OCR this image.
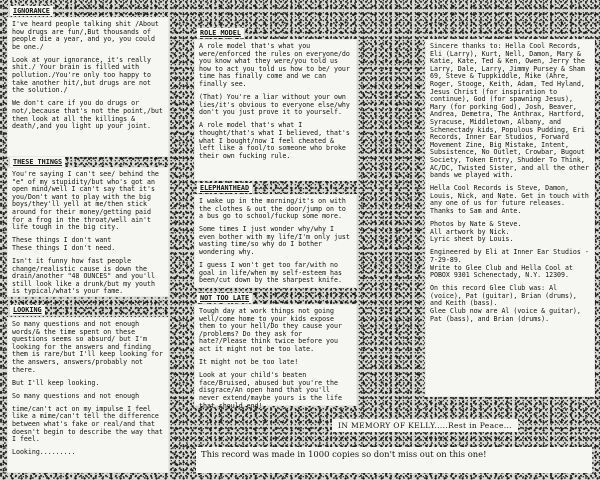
IGNORANCE

I've heard people talking shit /About how drugs are fun/,But thousands of people die a year, and yo, you could be one./

Look at your ignorance, it's really shit./ Your brain is filled with pollution./You're only too happy to take another hit/,but drugs are not the solution./

We don't care if you do drugs or not/,because that's not the point,/but then look at all the killings & death/,and you light up your joint.

THESE THINGS

You're saying I can't see/ behind the "e" of my stupidity/but who's got an open mind/well I can't say that it's you/Don't want to play with the big boys/they'll yell at me/then stick around for their money/getting paid for a frog in the throat/well ain't life tough in the big city.

These things I don't want
These things I don't need.

Isn't it funny how fast people change/realistic cause is down the drain/another "48 OUNCES" and you'll still look like a drunk/but my youth is typical/what's your fame.

LOOKING

So many questions and not enough words/& the time spent on these questions seems so absurd/ but I'm looking for the answers and finding them is rare/but I'll keep looking for the answers, answers/probably not there.

But I'll keep looking.

So many questions and not enough

time/can't act on my impulse I feel like a mime/can't tell the difference between what's fake or real/and that doesn't begin to describe the way that I feel.

Looking.........

ROLE MODEL

A role model that's what you were/enforced the rules on everyone/do you know what they were/you told us how to act you told us how to be/ your time has finally come and we can finally see.

(That) You're a liar without your own lies/it's obvious to everyone else/why don't you just prove it to yourself.

A role model that's what I thought/that's what I believed, that's what I bought/now I feel cheated & left like a fool/to someone who broke their own fucking rule.

ELEPHANTHEAD

I wake up in the morning/it's on with the clothes & out the door/jump on to a bus go to school/fuckup some more.

Some times I just wonder why/why I even bother with my life/I'm only just wasting time/so why do I bother wondering why.

I guess I won't get too far/with no goal in life/when my self-esteem has been/cut down by the sharpest knife.

NOT TOO LATE

Tough day at work things not going well/come home to your kids expose them to your hell/Do they cause your /problems? Do they ask for hate?/Please think twice before you act it might not be too late.

It might not be too late!

Look at your child's beaten face/Bruised, abused but you're the disgrace/An open hand that you'll never extend/maybe yours is the life that should end!

Sincere thanks to: Hella Cool Records, Eli (Larry), Kurt, Nell, Damon, Mary & Katie, Kate, Ted & Ken, Owen, Jerry the Larry, Dale, Larry, Jimmy Pursey & Sham 69, Steve & Tuppkiddle, Mike (Ahre, Roger, Stooge, Keith, Adam, Ted Hyland, Jesus Christ (for inspiration to continue), God (for spawning Jesus), Mary (for porking God), Josh, Beaver, Andrea, Demetra, The Anthrax, Hartford, Syracuse, Middletown, Albany, and Schenectady kids, Populous Pudding, Eri Records, Inner Ear Studios, Forward Movement Zine, Big Mistake, Intent, Subsistence, No Outlet, Crowbar, Bugout Society, Token Entry, Shudder To Think, AC/DC, Twisted Sister, and all the other bands we played with.

Hella Cool Records is Steve, Damon, Louis, Nick, and Nate. Get in touch with any one of us for future releases. Thanks to Sam and Ante.

Photos by Nate & Steve.
All artwork by Nick.
Lyric sheet by Louis.

Engineered by Eli at Inner Ear Studios - 7-29-89.
Write to Glee Club and Hella Cool at POBOX 9301 Schenectady, N.Y. 12309.

On this record Glee Club was: Al (voice), Pat (guitar), Brian (drums), and Keith (bass).
Glee Club now are Al (voice & guitar), Pat (bass), and Brian (drums).

IN MEMORY OF KELLY.....Rest in Peace...
This record was made in 1000 copies so don't miss out on this one!
